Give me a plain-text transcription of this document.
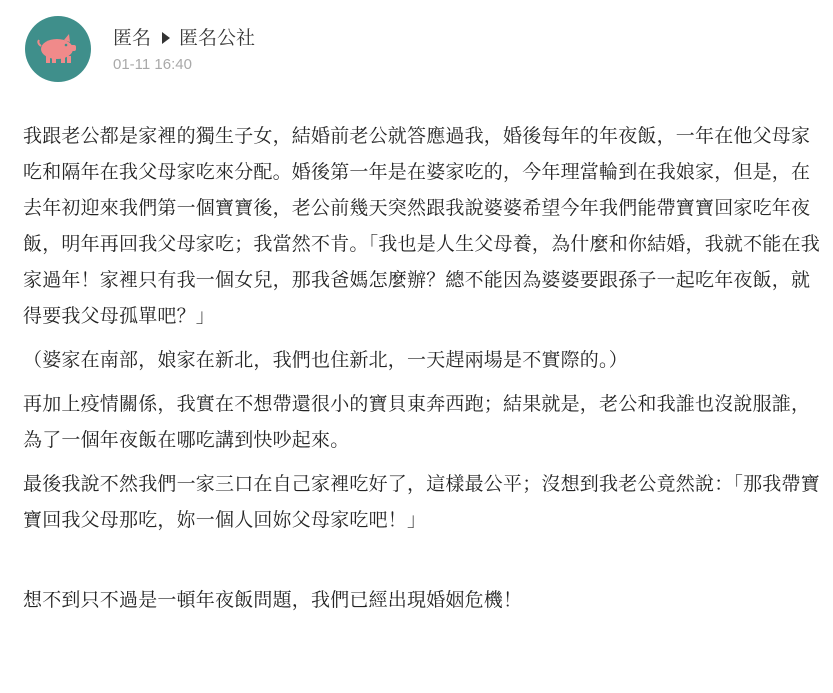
匿名 匿名公社
01-11 16:40

我跟老公都是家裡的獨生子女，結婚前老公就答應過我，婚後每年的年夜飯，一年在他父母家吃和隔年在我父母家吃來分配。婚後第一年是在婆家吃的，今年理當輪到在我娘家，但是，在去年初迎來我們第一個寶寶後，老公前幾天突然跟我說婆婆希望今年我們能帶寶寶回家吃年夜飯，明年再回我父母家吃；我當然不肯。「我也是人生父母養，為什麼和你結婚，我就不能在我家過年！家裡只有我一個女兒，那我爸媽怎麼辦？總不能因為婆婆要跟孫子一起吃年夜飯，就得要我父母孤單吧？」

（婆家在南部，娘家在新北，我們也住新北，一天趕兩場是不實際的。）

再加上疫情關係，我實在不想帶還很小的寶貝東奔西跑；結果就是，老公和我誰也沒說服誰，為了一個年夜飯在哪吃講到快吵起來。

最後我說不然我們一家三口在自己家裡吃好了，這樣最公平；沒想到我老公竟然說：「那我帶寶寶回我父母那吃，妳一個人回妳父母家吃吧！」

想不到只不過是一頓年夜飯問題，我們已經出現婚姻危機！
